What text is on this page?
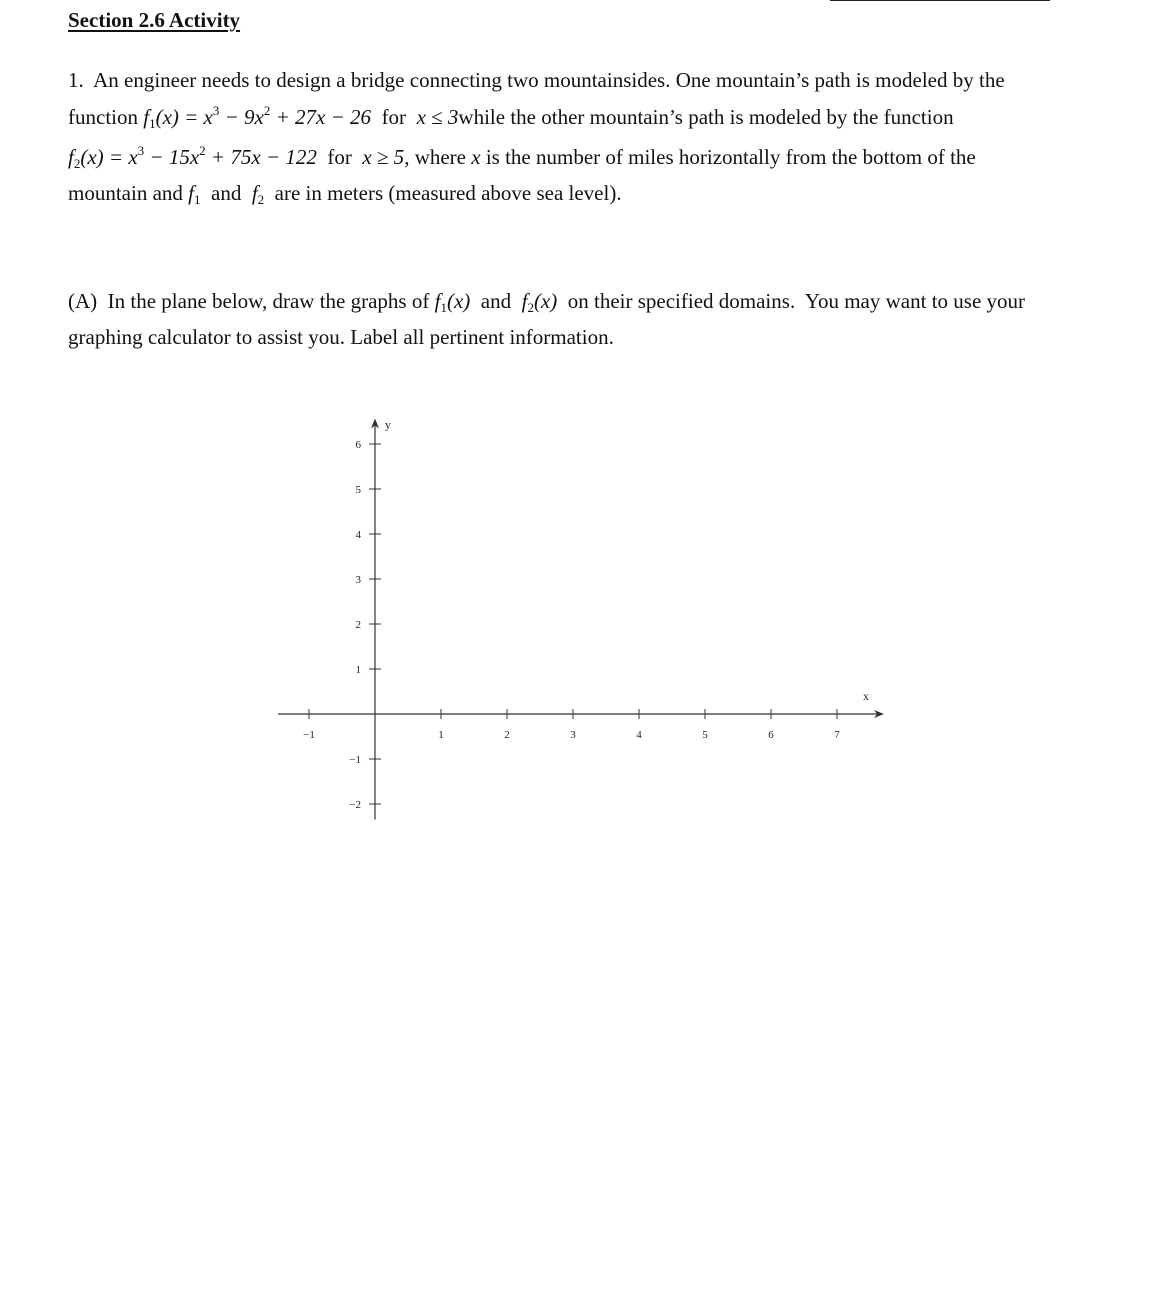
Section 2.6 Activity

1. An engineer needs to design a bridge connecting two mountainsides. One mountain’s path is modeled by the

function $f_1(x) = x^3 - 9x^2 + 27x - 26$  for  x ≤ 3while the other mountain’s path is modeled by the function

$f_2(x) = x^3 - 15x^2 + 75x - 122$  for  x ≥ 5, where x is the number of miles horizontally from the bottom of the

mountain and $f_1$  and  $f_2$  are in meters (measured above sea level).

(A)  In the plane below, draw the graphs of $f_1(x)$  and  $f_2(x)$  on their specified domains.  You may want to use your

graphing calculator to assist you. Label all pertinent information.

−1	1	2	3	4	5	6	7
−2
−1
1
2
3
4
5
6
x
y
